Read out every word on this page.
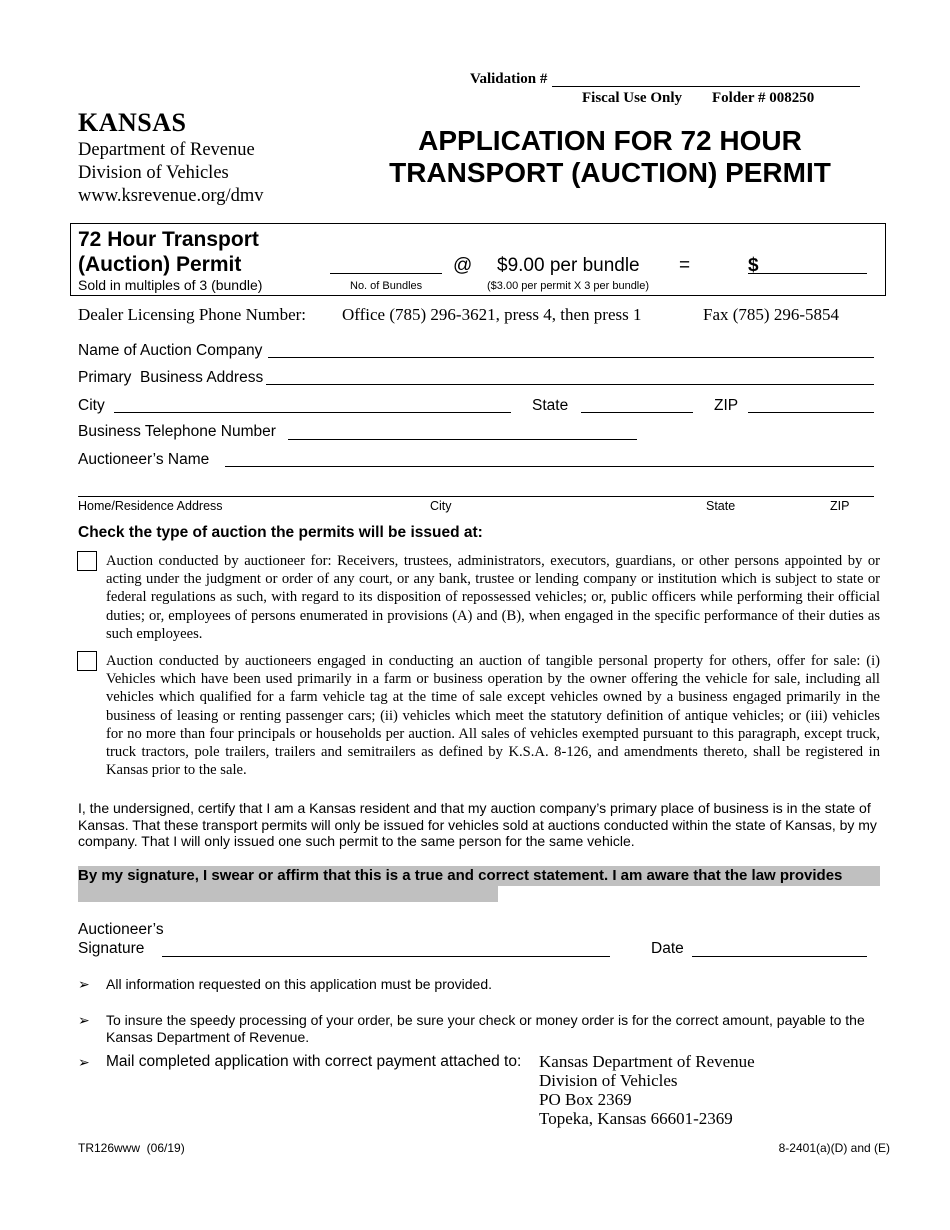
Validation #
Fiscal Use Only Folder # 008250
KANSAS
Department of Revenue
Division of Vehicles
www.ksrevenue.org/dmv
APPLICATION FOR 72 HOUR
TRANSPORT (AUCTION) PERMIT
72 Hour Transport
(Auction) Permit
Sold in multiples of 3 (bundle)	No. of Bundles
@ $9.00 per bundle
($3.00 per permit X 3 per bundle)
=	$
Dealer Licensing Phone Number: Office (785) 296-3621, press 4, then press 1	Fax (785) 296-5854
Name of Auction Company
Primary  Business Address
City	State	ZIP
Business Telephone Number
Auctioneer’s Name
Home/Residence Address	City	State	ZIP
Check the type of auction the permits will be issued at:
Auction conducted by auctioneer for: Receivers, trustees, administrators, executors, guardians, or other persons appointed by or acting under the judgment or order of any court, or any bank, trustee or lending company or institution which is subject to state or federal regulations as such, with regard to its disposition of repossessed vehicles; or, public officers while performing their official duties; or, employees of persons enumerated in provisions (A) and (B), when engaged in the specific performance of their duties as such employees.
Auction conducted by auctioneers engaged in conducting an auction of tangible personal property for others, offer for sale: (i) Vehicles which have been used primarily in a farm or business operation by the owner offering the vehicle for sale, including all vehicles which qualified for a farm vehicle tag at the time of sale except vehicles owned by a business engaged primarily in the business of leasing or renting passenger cars; (ii) vehicles which meet the statutory definition of antique vehicles; or (iii) vehicles for no more than four principals or households per auction. All sales of vehicles exempted pursuant to this paragraph, except truck, truck tractors, pole trailers, trailers and semitrailers as defined by K.S.A. 8-126, and amendments thereto, shall be registered in Kansas prior to the sale.
I, the undersigned, certify that I am a Kansas resident and that my auction company’s primary place of business is in the state of Kansas. That these transport permits will only be issued for vehicles sold at auctions conducted within the state of Kansas, by my company. That I will only issued one such permit to the same person for the same vehicle.
By my signature, I swear or affirm that this is a true and correct statement. I am aware that the law provides
Auctioneer’s
Signature	Date
➢ All information requested on this application must be provided.
➢ To insure the speedy processing of your order, be sure your check or money order is for the correct amount, payable to the Kansas Department of Revenue.
➢ Mail completed application with correct payment attached to: Kansas Department of Revenue
Division of Vehicles
PO Box 2369
Topeka, Kansas 66601-2369
TR126www  (06/19)	8-2401(a)(D) and (E)
